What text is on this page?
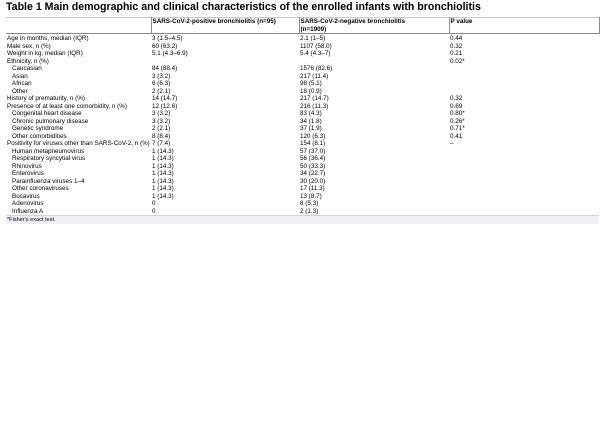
Table 1 Main demographic and clinical characteristics of the enrolled infants with bronchiolitis
	SARS-CoV-2-positive bronchiolitis (n=95)	SARS-CoV-2-negative bronchiolitis
(n=1909)	P value
Age in months, median (IQR)	3 (1.5–4.5)	2.1 (1–5)	0.44
Male sex, n (%)	60 (63.2)	1107 (58.0)	0.32
Weight in kg, median (IQR)	5.1 (4.3–6.9)	5.4 (4.3–7)	0.21
Ethnicity, n (%)			0.02*
Caucasian	84 (88.4)	1576 (82.6)	
Asian	3 (3.2)	217 (11.4)	
African	6 (6.3)	98 (5.1)	
Other	2 (2.1)	18 (0.9)	
History of prematurity, n (%)	14 (14.7)	217 (14.7)	0.32
Presence of at least one comorbidity, n (%)	12 (12.6)	216 (11.3)	0.69
Congenital heart disease	3 (3.2)	83 (4.3)	0.80*
Chronic pulmonary disease	3 (3.2)	34 (1.8)	0.26*
Genetic syndrome	2 (2.1)	37 (1.9)	0.71*
Other comorbidities	8 (8.4)	120 (6.3)	0.41
Positivity for viruses other than SARS-CoV-2, n (%)	7 (7.4)	154 (8.1)	–
Human metapneumovirus	1 (14.3)	57 (37.0)	
Respiratory syncytial virus	1 (14.3)	56 (36.4)	
Rhinovirus	1 (14.3)	50 (33.3)	
Enterovirus	1 (14.3)	34 (22.7)	
Parainfluenza viruses 1–4	1 (14.3)	30 (20.0)	
Other coronaviruses	1 (14.3)	17 (11.3)	
Bocavirus	1 (14.3)	13 (8.7)	
Adenovirus	0	8 (5.3)	
Influenza A	0	2 (1.3)	
*Fisher's exact test.			
